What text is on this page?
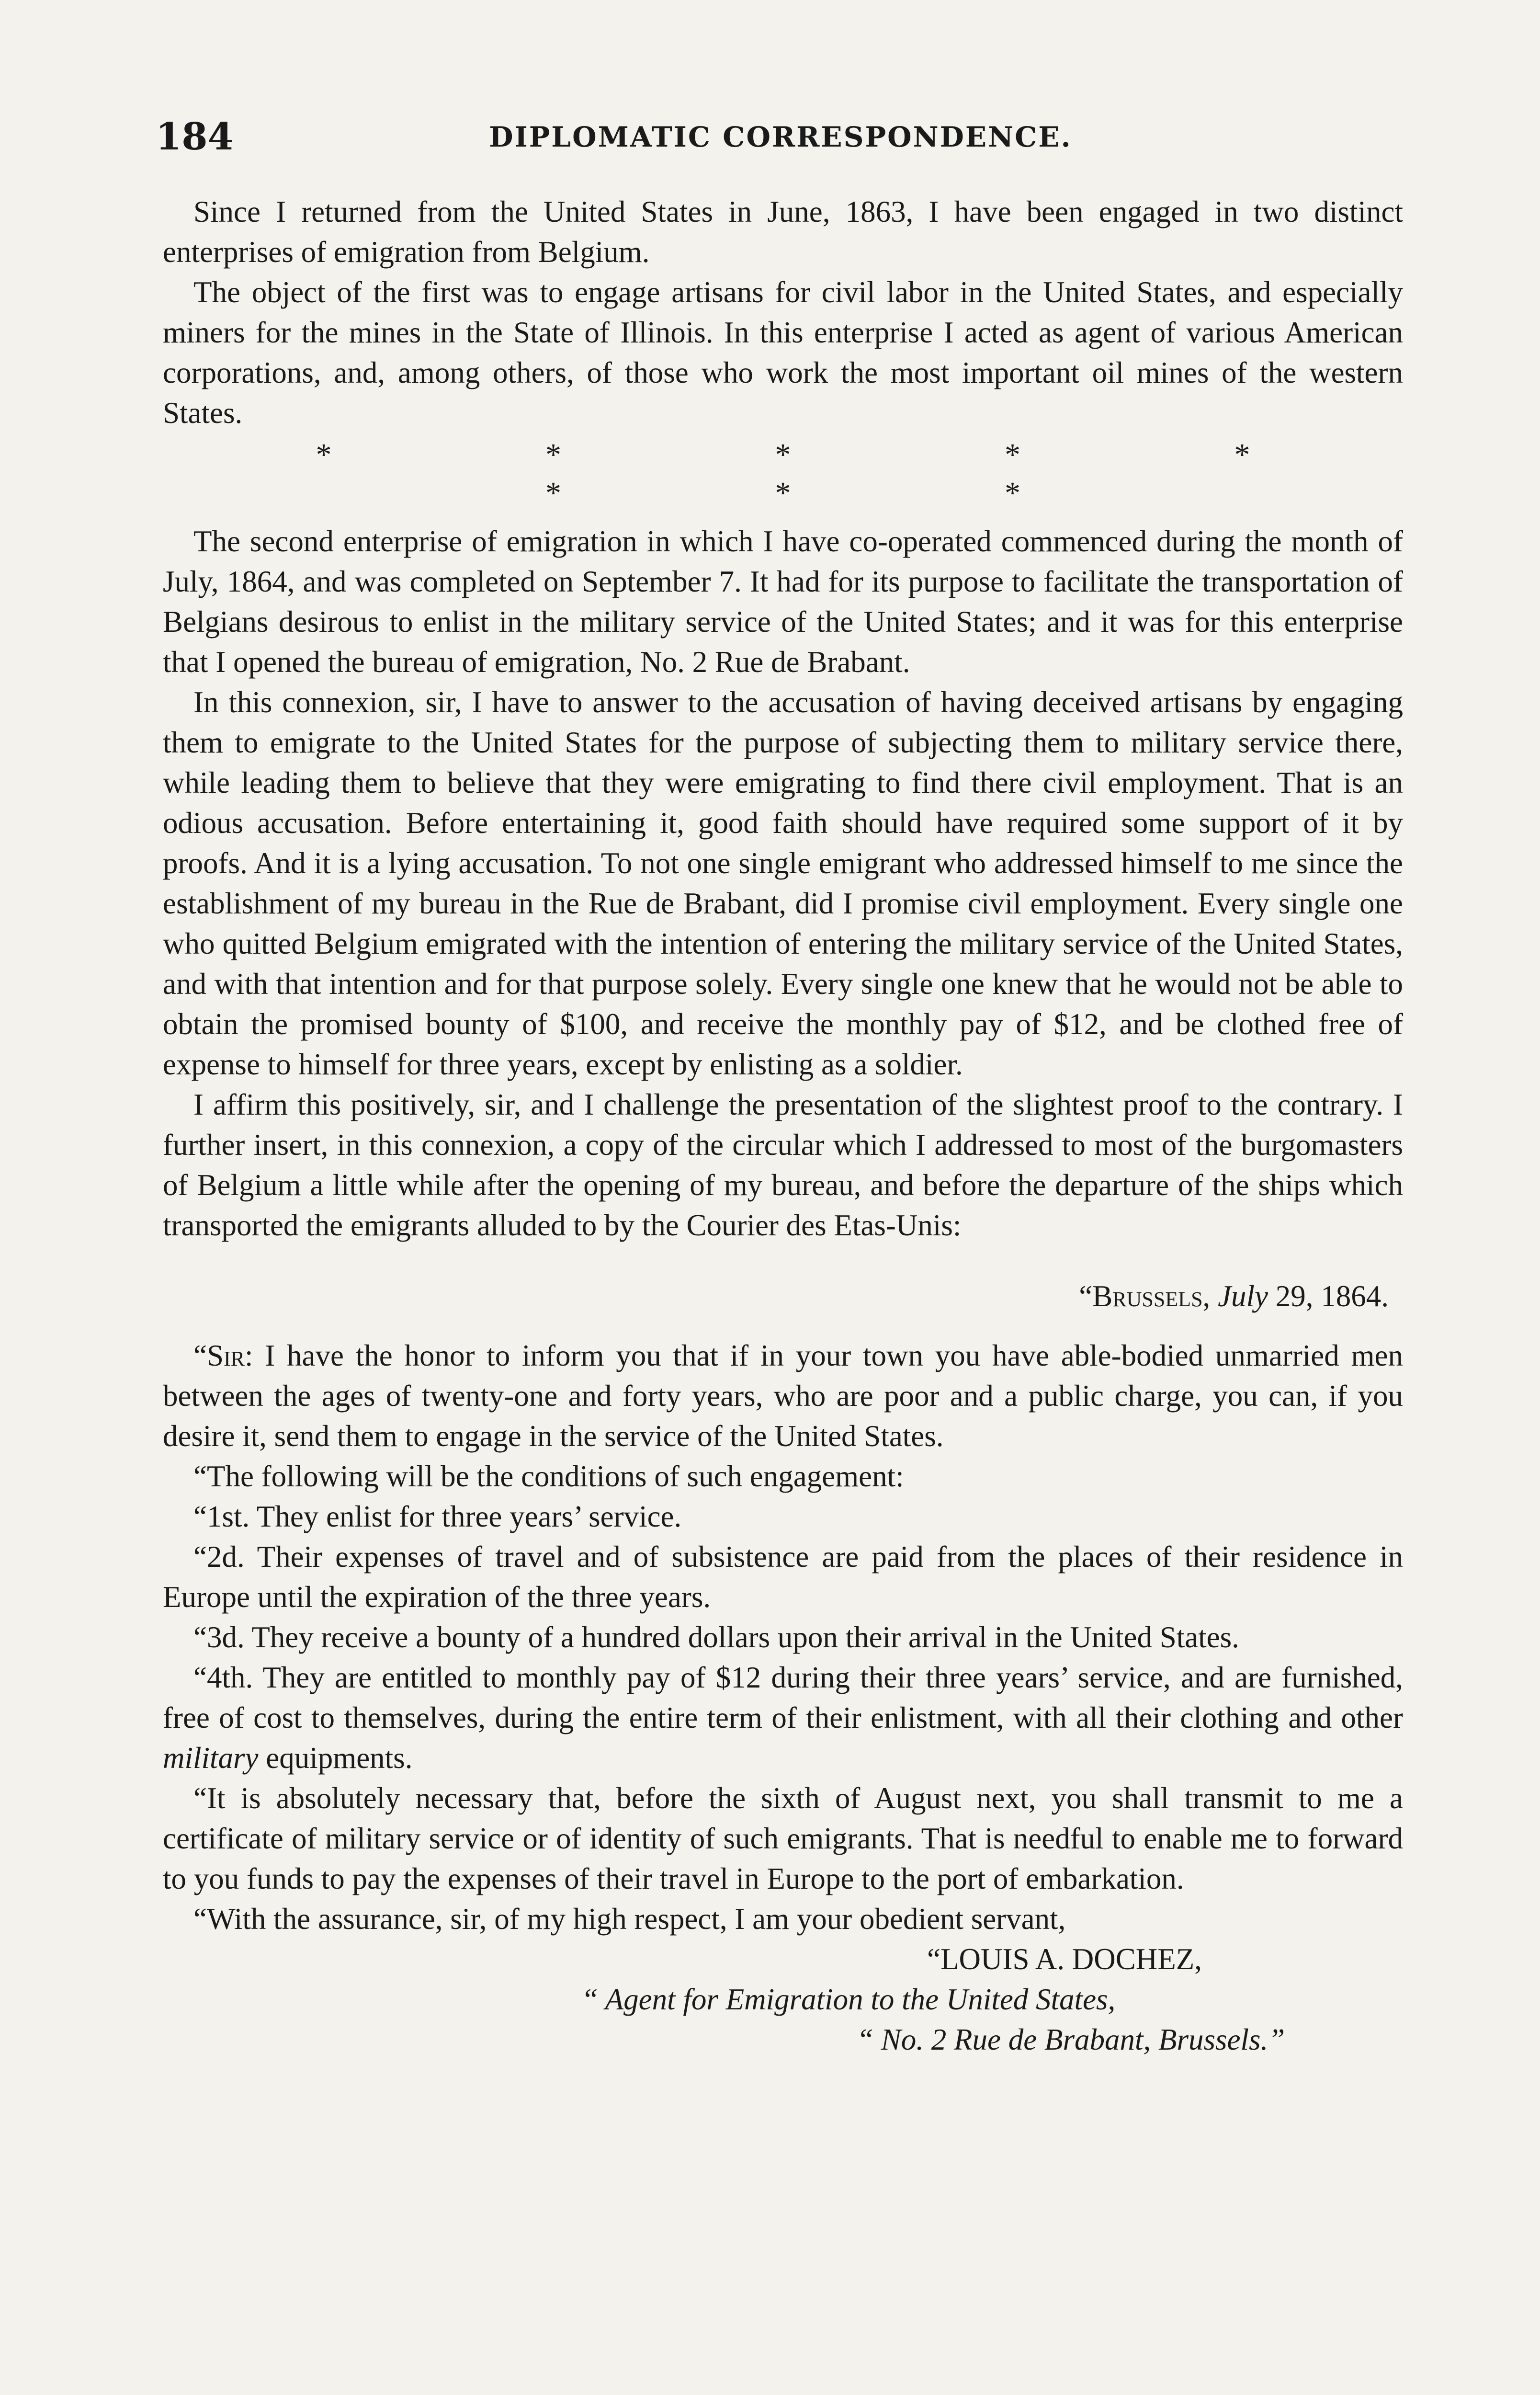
184	DIPLOMATIC CORRESPONDENCE.

Since I returned from the United States in June, 1863, I have been engaged in two distinct enterprises of emigration from Belgium.

The object of the first was to engage artisans for civil labor in the United States, and especially miners for the mines in the State of Illinois. In this enterprise I acted as agent of various American corporations, and, among others, of those who work the most important oil mines of the western States.

* * * * * * * *

The second enterprise of emigration in which I have co-operated commenced during the month of July, 1864, and was completed on September 7. It had for its purpose to facilitate the transportation of Belgians desirous to enlist in the military service of the United States; and it was for this enterprise that I opened the bureau of emigration, No. 2 Rue de Brabant.

In this connexion, sir, I have to answer to the accusation of having deceived artisans by engaging them to emigrate to the United States for the purpose of subjecting them to military service there, while leading them to believe that they were emigrating to find there civil employment. That is an odious accusation. Before entertaining it, good faith should have required some support of it by proofs. And it is a lying accusation. To not one single emigrant who addressed himself to me since the establishment of my bureau in the Rue de Brabant, did I promise civil employment. Every single one who quitted Belgium emigrated with the intention of entering the military service of the United States, and with that intention and for that purpose solely. Every single one knew that he would not be able to obtain the promised bounty of $100, and receive the monthly pay of $12, and be clothed free of expense to himself for three years, except by enlisting as a soldier.

I affirm this positively, sir, and I challenge the presentation of the slightest proof to the contrary. I further insert, in this connexion, a copy of the circular which I addressed to most of the burgomasters of Belgium a little while after the opening of my bureau, and before the departure of the ships which transported the emigrants alluded to by the Courier des Etas-Unis:

“Brussels, July 29, 1864.

“Sir: I have the honor to inform you that if in your town you have able-bodied unmarried men between the ages of twenty-one and forty years, who are poor and a public charge, you can, if you desire it, send them to engage in the service of the United States.

“The following will be the conditions of such engagement:

“1st. They enlist for three years’ service.

“2d. Their expenses of travel and of subsistence are paid from the places of their residence in Europe until the expiration of the three years.

“3d. They receive a bounty of a hundred dollars upon their arrival in the United States.

“4th. They are entitled to monthly pay of $12 during their three years’ service, and are furnished, free of cost to themselves, during the entire term of their enlistment, with all their clothing and other military equipments.

“It is absolutely necessary that, before the sixth of August next, you shall transmit to me a certificate of military service or of identity of such emigrants. That is needful to enable me to forward to you funds to pay the expenses of their travel in Europe to the port of embarkation.

“With the assurance, sir, of my high respect, I am your obedient servant,

“LOUIS A. DOCHEZ,

“ Agent for Emigration to the United States,

“ No. 2 Rue de Brabant, Brussels.”
